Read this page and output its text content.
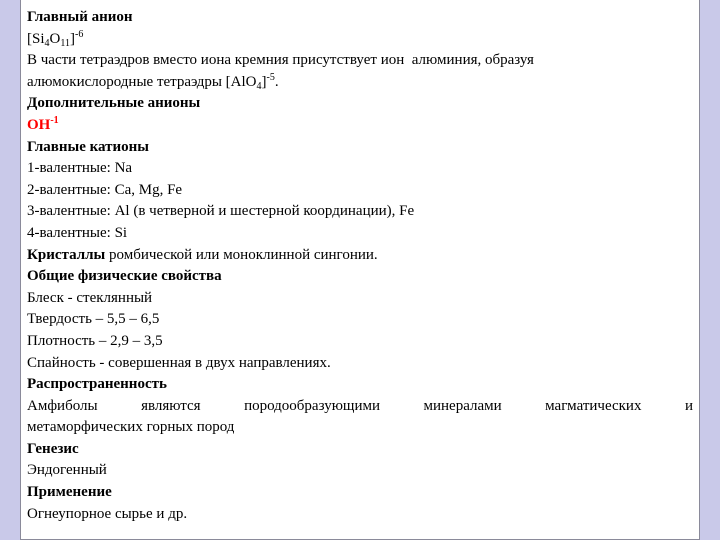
Главный анион
$[Si_4O_{11}]^{-6}$
В части тетраэдров вместо иона кремния присутствует ион  алюминия, образуя
алюмокислородные тетраэдры $[AlO_4]^{-5}$.
Дополнительные анионы
$OH^{-1}$
Главные катионы
1-валентные: Na
2-валентные: Ca, Mg, Fe
3-валентные: Al (в четверной и шестерной координации), Fe
4-валентные: Si
Кристаллы ромбической или моноклинной сингонии.
Общие физические свойства
Блеск - стеклянный
Твердость – 5,5 – 6,5
Плотность – 2,9 – 3,5
Спайность - совершенная в двух направлениях.
Распространенность
Амфиболы	являются	породообразующими	минералами	магматических	и
метаморфических горных пород
Генезис
Эндогенный
Применение
Огнеупорное сырье и др.
